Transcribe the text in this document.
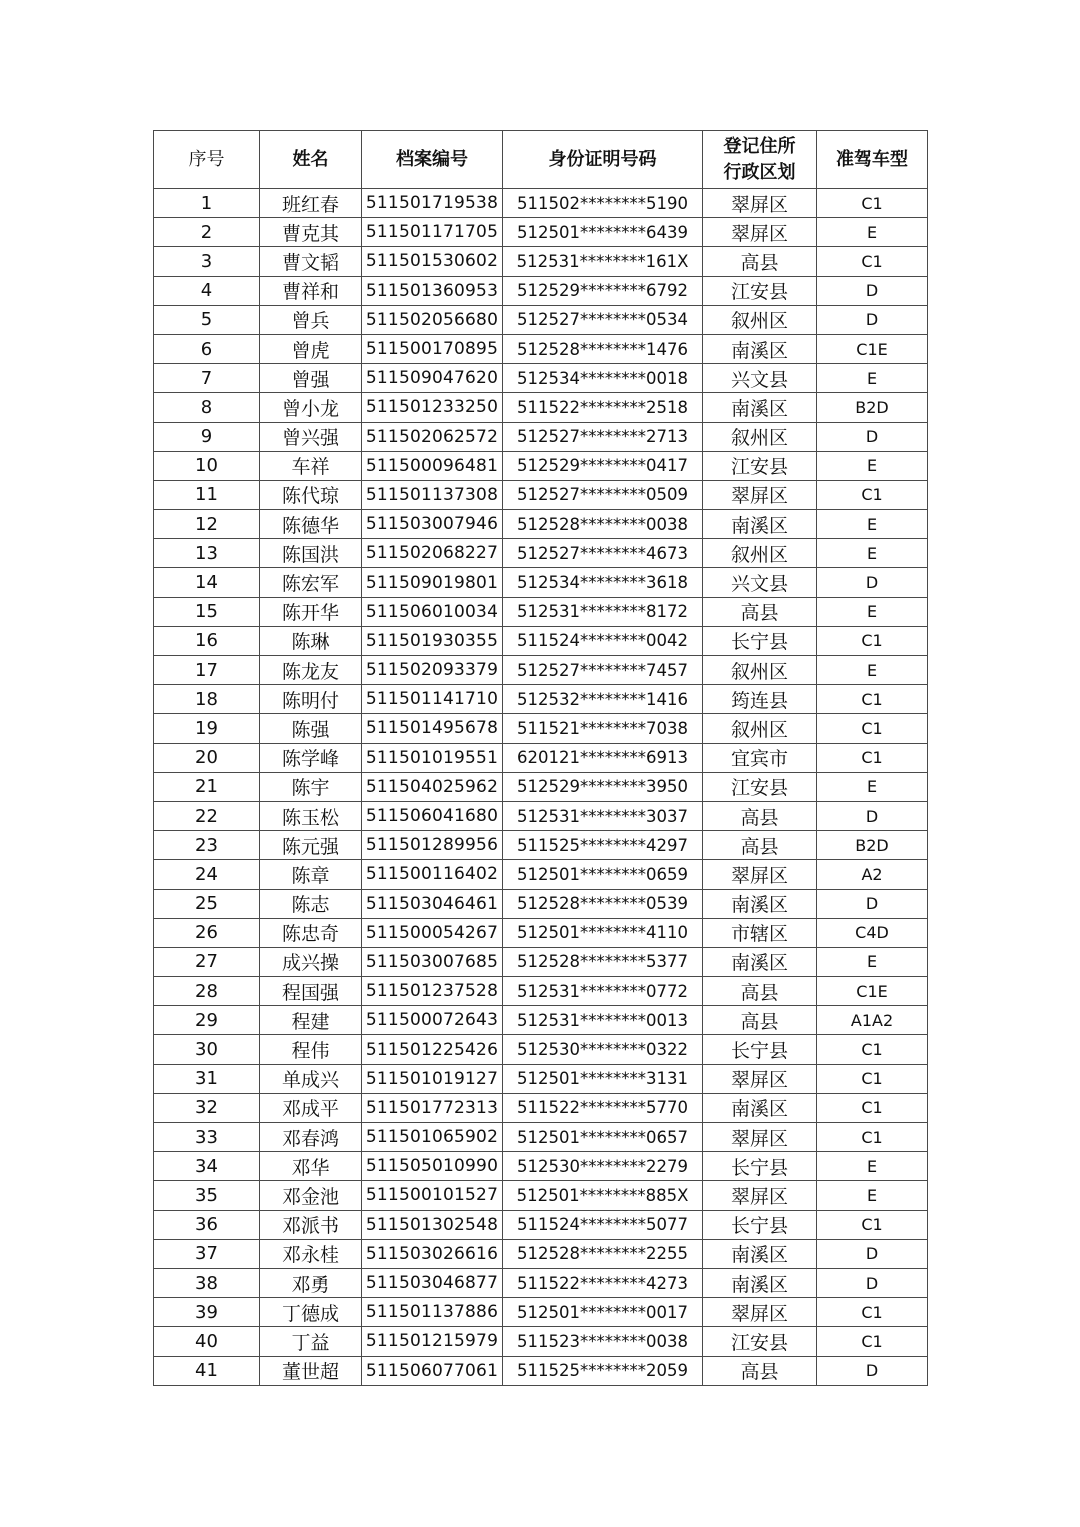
序号	姓名	档案编号	身份证明号码	登记住所行政区划	准驾车型
1	班红春	511501719538	511502********5190	翠屏区	C1
2	曹克其	511501171705	512501********6439	翠屏区	E
3	曹文韬	511501530602	512531********161X	高县	C1
4	曹祥和	511501360953	512529********6792	江安县	D
5	曾兵	511502056680	512527********0534	叙州区	D
6	曾虎	511500170895	512528********1476	南溪区	C1E
7	曾强	511509047620	512534********0018	兴文县	E
8	曾小龙	511501233250	511522********2518	南溪区	B2D
9	曾兴强	511502062572	512527********2713	叙州区	D
10	车祥	511500096481	512529********0417	江安县	E
11	陈代琼	511501137308	512527********0509	翠屏区	C1
12	陈德华	511503007946	512528********0038	南溪区	E
13	陈国洪	511502068227	512527********4673	叙州区	E
14	陈宏军	511509019801	512534********3618	兴文县	D
15	陈开华	511506010034	512531********8172	高县	E
16	陈琳	511501930355	511524********0042	长宁县	C1
17	陈龙友	511502093379	512527********7457	叙州区	E
18	陈明付	511501141710	512532********1416	筠连县	C1
19	陈强	511501495678	511521********7038	叙州区	C1
20	陈学峰	511501019551	620121********6913	宜宾市	C1
21	陈宇	511504025962	512529********3950	江安县	E
22	陈玉松	511506041680	512531********3037	高县	D
23	陈元强	511501289956	511525********4297	高县	B2D
24	陈章	511500116402	512501********0659	翠屏区	A2
25	陈志	511503046461	512528********0539	南溪区	D
26	陈忠奇	511500054267	512501********4110	市辖区	C4D
27	成兴操	511503007685	512528********5377	南溪区	E
28	程国强	511501237528	512531********0772	高县	C1E
29	程建	511500072643	512531********0013	高县	A1A2
30	程伟	511501225426	512530********0322	长宁县	C1
31	单成兴	511501019127	512501********3131	翠屏区	C1
32	邓成平	511501772313	511522********5770	南溪区	C1
33	邓春鸿	511501065902	512501********0657	翠屏区	C1
34	邓华	511505010990	512530********2279	长宁县	E
35	邓金池	511500101527	512501********885X	翠屏区	E
36	邓派书	511501302548	511524********5077	长宁县	C1
37	邓永桂	511503026616	512528********2255	南溪区	D
38	邓勇	511503046877	511522********4273	南溪区	D
39	丁德成	511501137886	512501********0017	翠屏区	C1
40	丁益	511501215979	511523********0038	江安县	C1
41	董世超	511506077061	511525********2059	高县	D
